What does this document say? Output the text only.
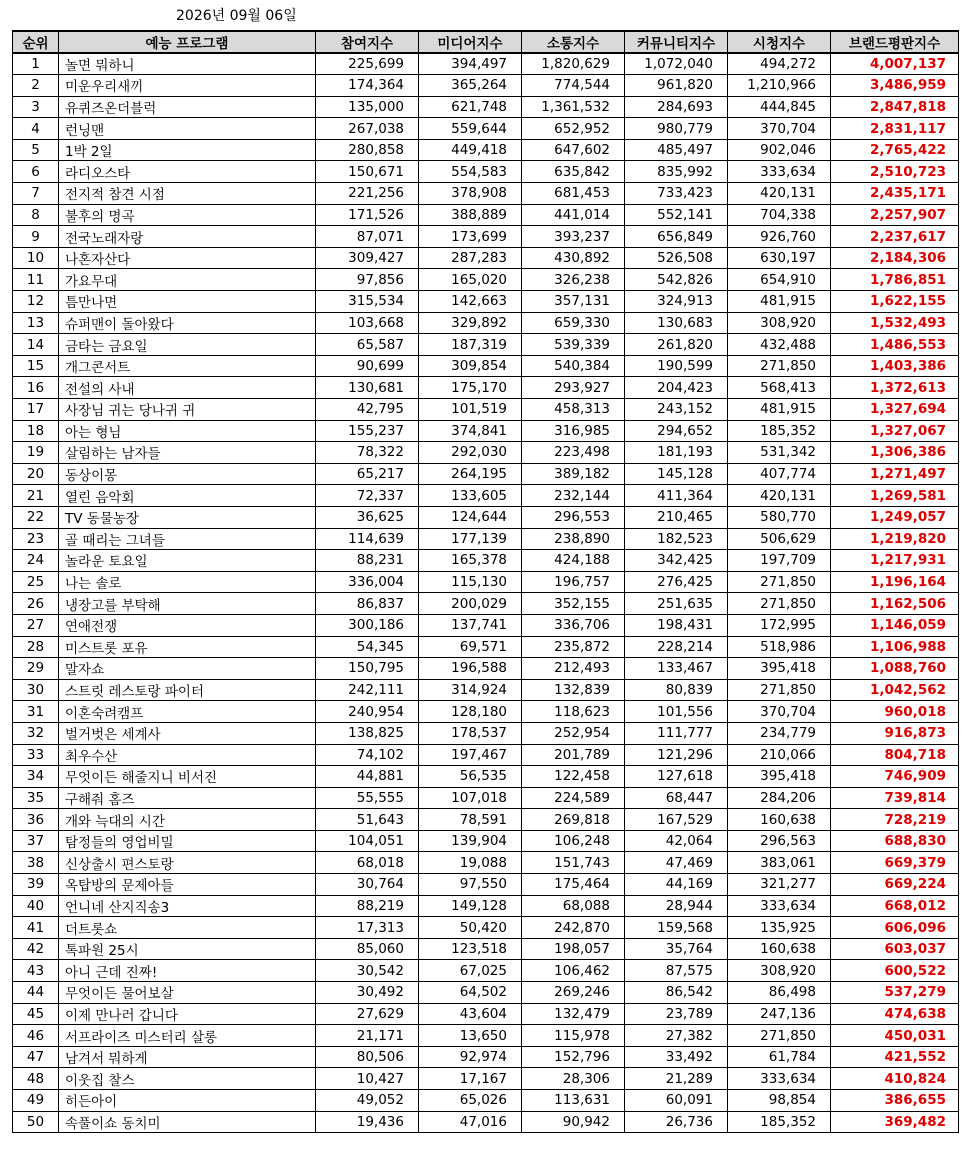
2026년 09월 06일
순위	예능 프로그램	참여지수	미디어지수	소통지수	커뮤니티지수	시청지수	브랜드평판지수
1	놀면 뭐하니	225,699	394,497	1,820,629	1,072,040	494,272	4,007,137
2	미운우리새끼	174,364	365,264	774,544	961,820	1,210,966	3,486,959
3	유퀴즈온더블럭	135,000	621,748	1,361,532	284,693	444,845	2,847,818
4	런닝맨	267,038	559,644	652,952	980,779	370,704	2,831,117
5	1박 2일	280,858	449,418	647,602	485,497	902,046	2,765,422
6	라디오스타	150,671	554,583	635,842	835,992	333,634	2,510,723
7	전지적 참견 시점	221,256	378,908	681,453	733,423	420,131	2,435,171
8	불후의 명곡	171,526	388,889	441,014	552,141	704,338	2,257,907
9	전국노래자랑	87,071	173,699	393,237	656,849	926,760	2,237,617
10	나혼자산다	309,427	287,283	430,892	526,508	630,197	2,184,306
11	가요무대	97,856	165,020	326,238	542,826	654,910	1,786,851
12	틈만나면	315,534	142,663	357,131	324,913	481,915	1,622,155
13	슈퍼맨이 돌아왔다	103,668	329,892	659,330	130,683	308,920	1,532,493
14	금타는 금요일	65,587	187,319	539,339	261,820	432,488	1,486,553
15	개그콘서트	90,699	309,854	540,384	190,599	271,850	1,403,386
16	전설의 사내	130,681	175,170	293,927	204,423	568,413	1,372,613
17	사장님 귀는 당나귀 귀	42,795	101,519	458,313	243,152	481,915	1,327,694
18	아는 형님	155,237	374,841	316,985	294,652	185,352	1,327,067
19	살림하는 남자들	78,322	292,030	223,498	181,193	531,342	1,306,386
20	동상이몽	65,217	264,195	389,182	145,128	407,774	1,271,497
21	열린 음악회	72,337	133,605	232,144	411,364	420,131	1,269,581
22	TV 동물농장	36,625	124,644	296,553	210,465	580,770	1,249,057
23	골 때리는 그녀들	114,639	177,139	238,890	182,523	506,629	1,219,820
24	놀라운 토요일	88,231	165,378	424,188	342,425	197,709	1,217,931
25	나는 솔로	336,004	115,130	196,757	276,425	271,850	1,196,164
26	냉장고를 부탁해	86,837	200,029	352,155	251,635	271,850	1,162,506
27	연애전쟁	300,186	137,741	336,706	198,431	172,995	1,146,059
28	미스트롯 포유	54,345	69,571	235,872	228,214	518,986	1,106,988
29	말자쇼	150,795	196,588	212,493	133,467	395,418	1,088,760
30	스트릿 레스토랑 파이터	242,111	314,924	132,839	80,839	271,850	1,042,562
31	이혼숙려캠프	240,954	128,180	118,623	101,556	370,704	960,018
32	벌거벗은 세계사	138,825	178,537	252,954	111,777	234,779	916,873
33	최우수산	74,102	197,467	201,789	121,296	210,066	804,718
34	무엇이든 해줄지니 비서진	44,881	56,535	122,458	127,618	395,418	746,909
35	구해줘 홈즈	55,555	107,018	224,589	68,447	284,206	739,814
36	개와 늑대의 시간	51,643	78,591	269,818	167,529	160,638	728,219
37	탐정들의 영업비밀	104,051	139,904	106,248	42,064	296,563	688,830
38	신상출시 편스토랑	68,018	19,088	151,743	47,469	383,061	669,379
39	옥탑방의 문제아들	30,764	97,550	175,464	44,169	321,277	669,224
40	언니네 산지직송3	88,219	149,128	68,088	28,944	333,634	668,012
41	더트롯쇼	17,313	50,420	242,870	159,568	135,925	606,096
42	톡파원 25시	85,060	123,518	198,057	35,764	160,638	603,037
43	아니 근데 진짜!	30,542	67,025	106,462	87,575	308,920	600,522
44	무엇이든 물어보살	30,492	64,502	269,246	86,542	86,498	537,279
45	이제 만나러 갑니다	27,629	43,604	132,479	23,789	247,136	474,638
46	서프라이즈 미스터리 살롱	21,171	13,650	115,978	27,382	271,850	450,031
47	남겨서 뭐하게	80,506	92,974	152,796	33,492	61,784	421,552
48	이웃집 찰스	10,427	17,167	28,306	21,289	333,634	410,824
49	히든아이	49,052	65,026	113,631	60,091	98,854	386,655
50	속풀이쇼 동치미	19,436	47,016	90,942	26,736	185,352	369,482
